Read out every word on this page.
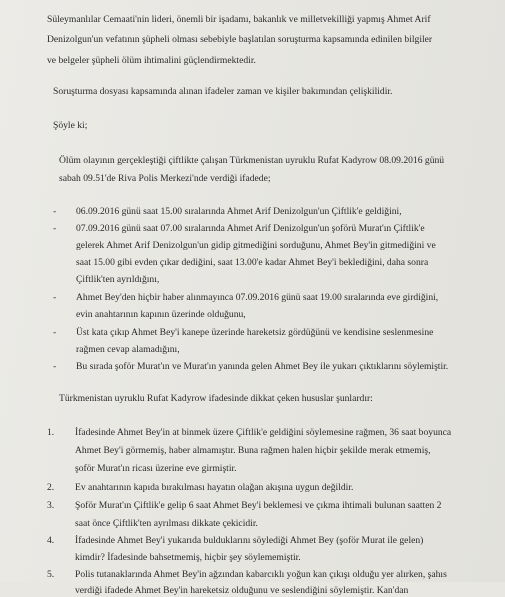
Süleymanlılar Cemaati'nin lideri, önemli bir işadamı, bakanlık ve milletvekilliği yapmış Ahmet Arif
Denizolgun'un vefatının şüpheli olması sebebiyle başlatılan soruşturma kapsamında edinilen bilgiler
ve belgeler şüpheli ölüm ihtimalini güçlendirmektedir.
Soruşturma dosyası kapsamında alınan ifadeler zaman ve kişiler bakımından çelişkilidir.
Şöyle ki;
Ölüm olayının gerçekleştiği çiftlikte çalışan Türkmenistan uyruklu Rufat Kadyrow 08.09.2016 günü
sabah 09.51'de Riva Polis Merkezi'nde verdiği ifadede;
- 06.09.2016 günü saat 15.00 sıralarında Ahmet Arif Denizolgun'un Çiftlik'e geldiğini,
- 07.09.2016 günü saat 07.00 sıralarında Ahmet Arif Denizolgun'un şoförü Murat'ın Çiftlik'e
gelerek Ahmet Arif Denizolgun'un gidip gitmediğini sorduğunu, Ahmet Bey'in gitmediğini ve
saat 15.00 gibi evden çıkar dediğini, saat 13.00'e kadar Ahmet Bey'i beklediğini, daha sonra
Çiftlik'ten ayrıldığını,
- Ahmet Bey'den hiçbir haber alınmayınca 07.09.2016 günü saat 19.00 sıralarında eve girdiğini,
evin anahtarının kapının üzerinde olduğunu,
- Üst kata çıkıp Ahmet Bey'i kanepe üzerinde hareketsiz gördüğünü ve kendisine seslenmesine
rağmen cevap alamadığını,
- Bu sırada şoför Murat'ın ve Murat'ın yanında gelen Ahmet Bey ile yukarı çıktıklarını söylemiştir.
Türkmenistan uyruklu Rufat Kadyrow ifadesinde dikkat çeken hususlar şunlardır:
1. İfadesinde Ahmet Bey'in at binmek üzere Çiftlik'e geldiğini söylemesine rağmen, 36 saat boyunca
Ahmet Bey'i görmemiş, haber almamıştır. Buna rağmen halen hiçbir şekilde merak etmemiş,
şoför Murat'ın ricası üzerine eve girmiştir.
2. Ev anahtarının kapıda bırakılması hayatın olağan akışına uygun değildir.
3. Şoför Murat'ın Çiftlik'e gelip 6 saat Ahmet Bey'i beklemesi ve çıkma ihtimali bulunan saatten 2
saat önce Çiftlik'ten ayrılması dikkate çekicidir.
4. İfadesinde Ahmet Bey'i yukarıda bulduklarını söylediği Ahmet Bey (şoför Murat ile gelen)
kimdir? İfadesinde bahsetmemiş, hiçbir şey söylememiştir.
5. Polis tutanaklarında Ahmet Bey'in ağzından kabarcıklı yoğun kan çıkışı olduğu yer alırken, şahıs
verdiği ifadede Ahmet Bey'in hareketsiz olduğunu ve seslendiğini söylemiştir. Kan'dan
